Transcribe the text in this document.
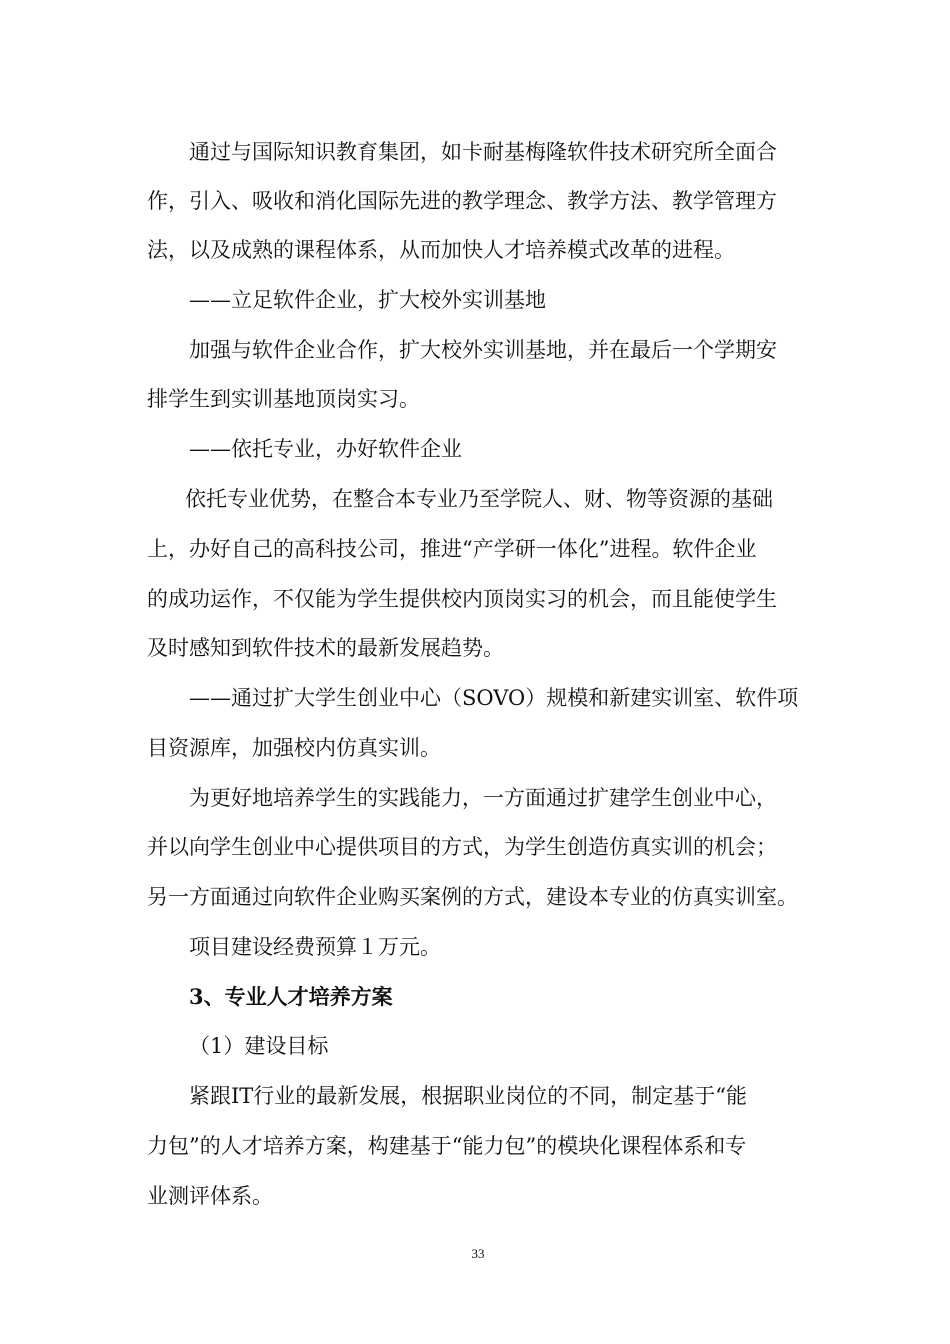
通过与国际知识教育集团，如卡耐基梅隆软件技术研究所全面合
作，引入、吸收和消化国际先进的教学理念、教学方法、教学管理方
法，以及成熟的课程体系，从而加快人才培养模式改革的进程。
——立足软件企业，扩大校外实训基地
加强与软件企业合作，扩大校外实训基地，并在最后一个学期安
排学生到实训基地顶岗实习。
——依托专业，办好软件企业
依托专业优势，在整合本专业乃至学院人、财、物等资源的基础
上，办好自己的高科技公司，推进“产学研一体化”进程。软件企业
的成功运作，不仅能为学生提供校内顶岗实习的机会，而且能使学生
及时感知到软件技术的最新发展趋势。
——通过扩大学生创业中心（SOVO）规模和新建实训室、软件项
目资源库，加强校内仿真实训。
为更好地培养学生的实践能力，一方面通过扩建学生创业中心，
并以向学生创业中心提供项目的方式，为学生创造仿真实训的机会；
另一方面通过向软件企业购买案例的方式，建设本专业的仿真实训室。
项目建设经费预算１万元。
3、专业人才培养方案
（1）建设目标
紧跟IT行业的最新发展，根据职业岗位的不同，制定基于“能
力包”的人才培养方案，构建基于“能力包”的模块化课程体系和专
业测评体系。
33
